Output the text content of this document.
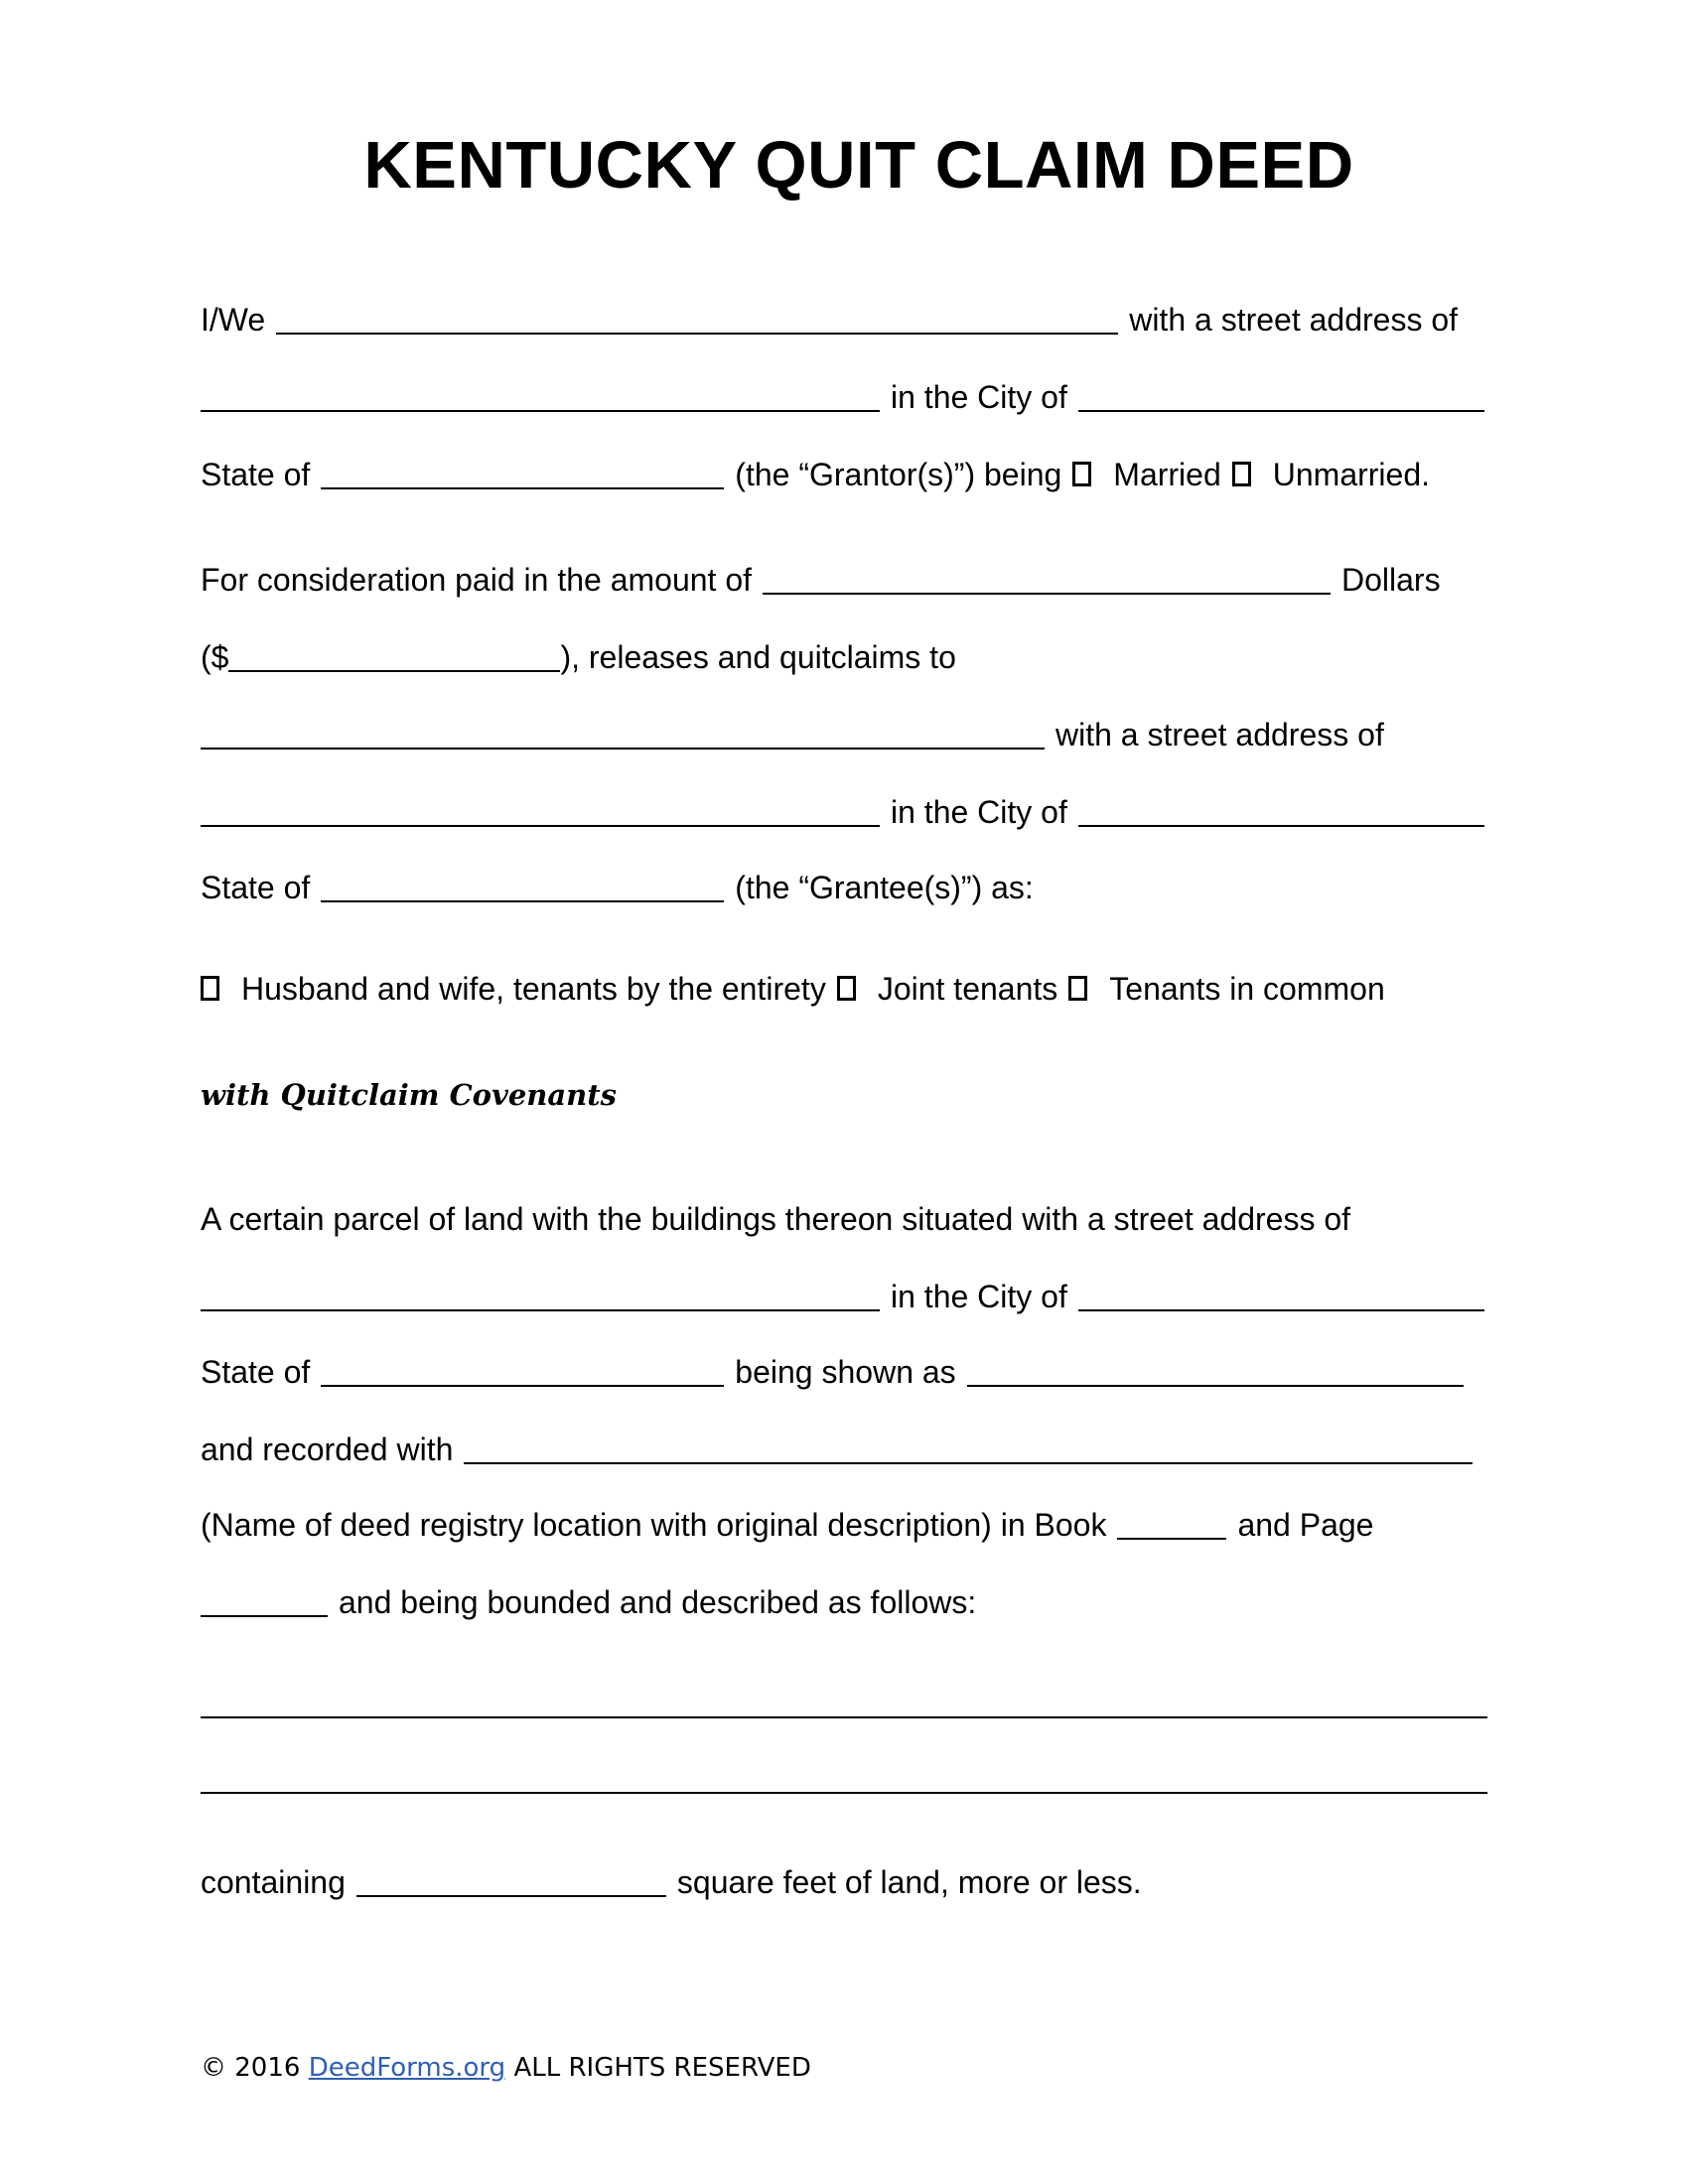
KENTUCKY QUIT CLAIM DEED
I/We	with a street address of
in the City of
State of	(the “Grantor(s)”) being Married Unmarried.
For consideration paid in the amount of	Dollars
($	), releases and quitclaims to
with a street address of
in the City of
State of	(the “Grantee(s)”) as:
Husband and wife, tenants by the entirety Joint tenants Tenants in common
with Quitclaim Covenants
A certain parcel of land with the buildings thereon situated with a street address of
in the City of
State of	being shown as
and recorded with
(Name of deed registry location with original description) in Book	and Page
and being bounded and described as follows:
containing	square feet of land, more or less.
© 2016 DeedForms.org ALL RIGHTS RESERVED
